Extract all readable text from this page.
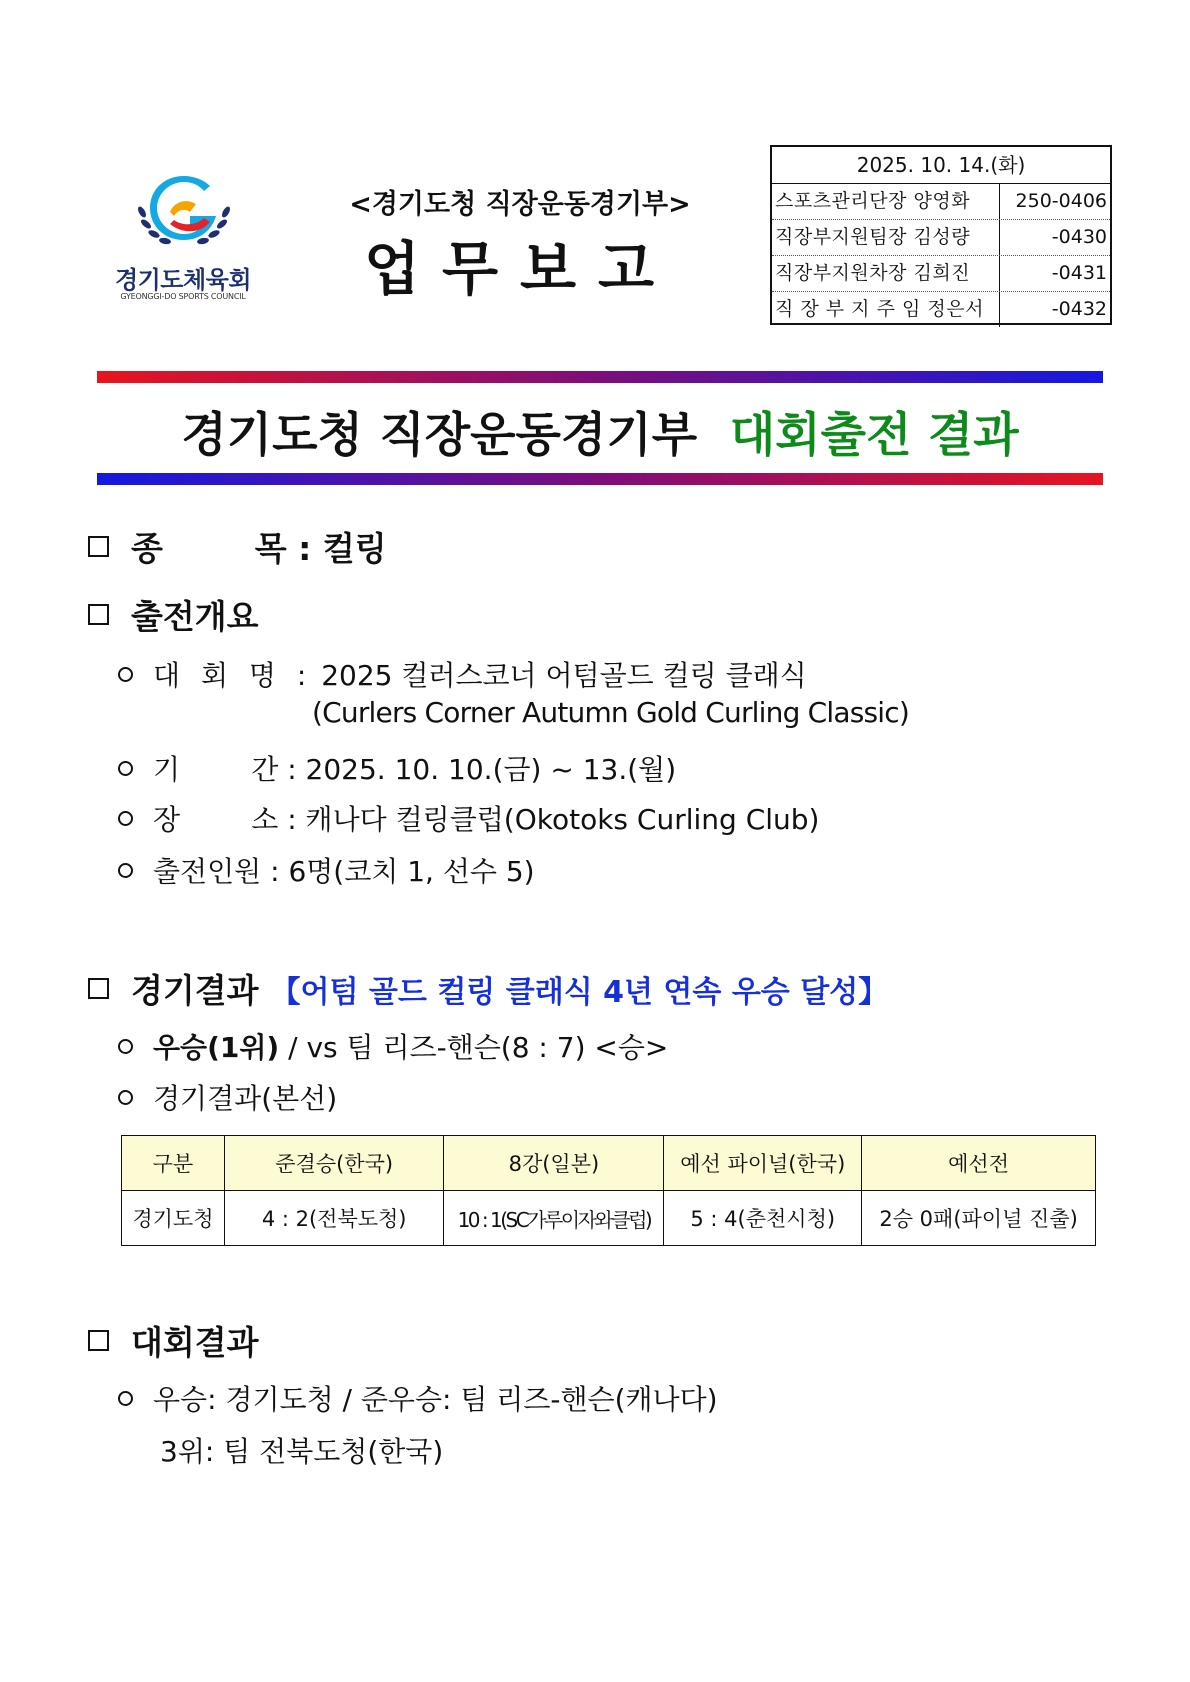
경기도체육회
GYEONGGI-DO SPORTS COUNCIL
<경기도청 직장운동경기부>
업무보고
2025. 10. 14.(화)
스포츠관리단장 양영화	250-0406
직장부지원팀장 김성량	-0430
직장부지원차장 김희진	-0431
직 장 부 지 주 임 정은서	-0432
경기도청 직장운동경기부 대회출전 결과
종        목 :
컬링
출전개요
대 회 명 :
2025 컬러스코너 어텀골드 컬링 클래식
(Curlers Corner Autumn Gold Curling Classic)
기        간 :
2025. 10. 10.(금) ~ 13.(월)
장        소 :
캐나다 컬링클럽(Okotoks Curling Club)
출전인원 :
6명(코치 1, 선수 5)
경기결과 【어텀 골드 컬링 클래식 4년 연속 우승 달성】
우승(1위)
/ vs 팀 리즈-핸슨(8 : 7) <승>
경기결과(본선)
구분	준결승(한국)	8강(일본)	예선 파이널(한국)	예선전
경기도청	4 : 2(전북도청)	10 : 1(SC가루이자와클럽)	5 : 4(춘천시청)	2승 0패(파이널 진출)
대회결과
우승: 경기도청 / 준우승: 팀 리즈-핸슨(캐나다)
3위: 팀 전북도청(한국)
